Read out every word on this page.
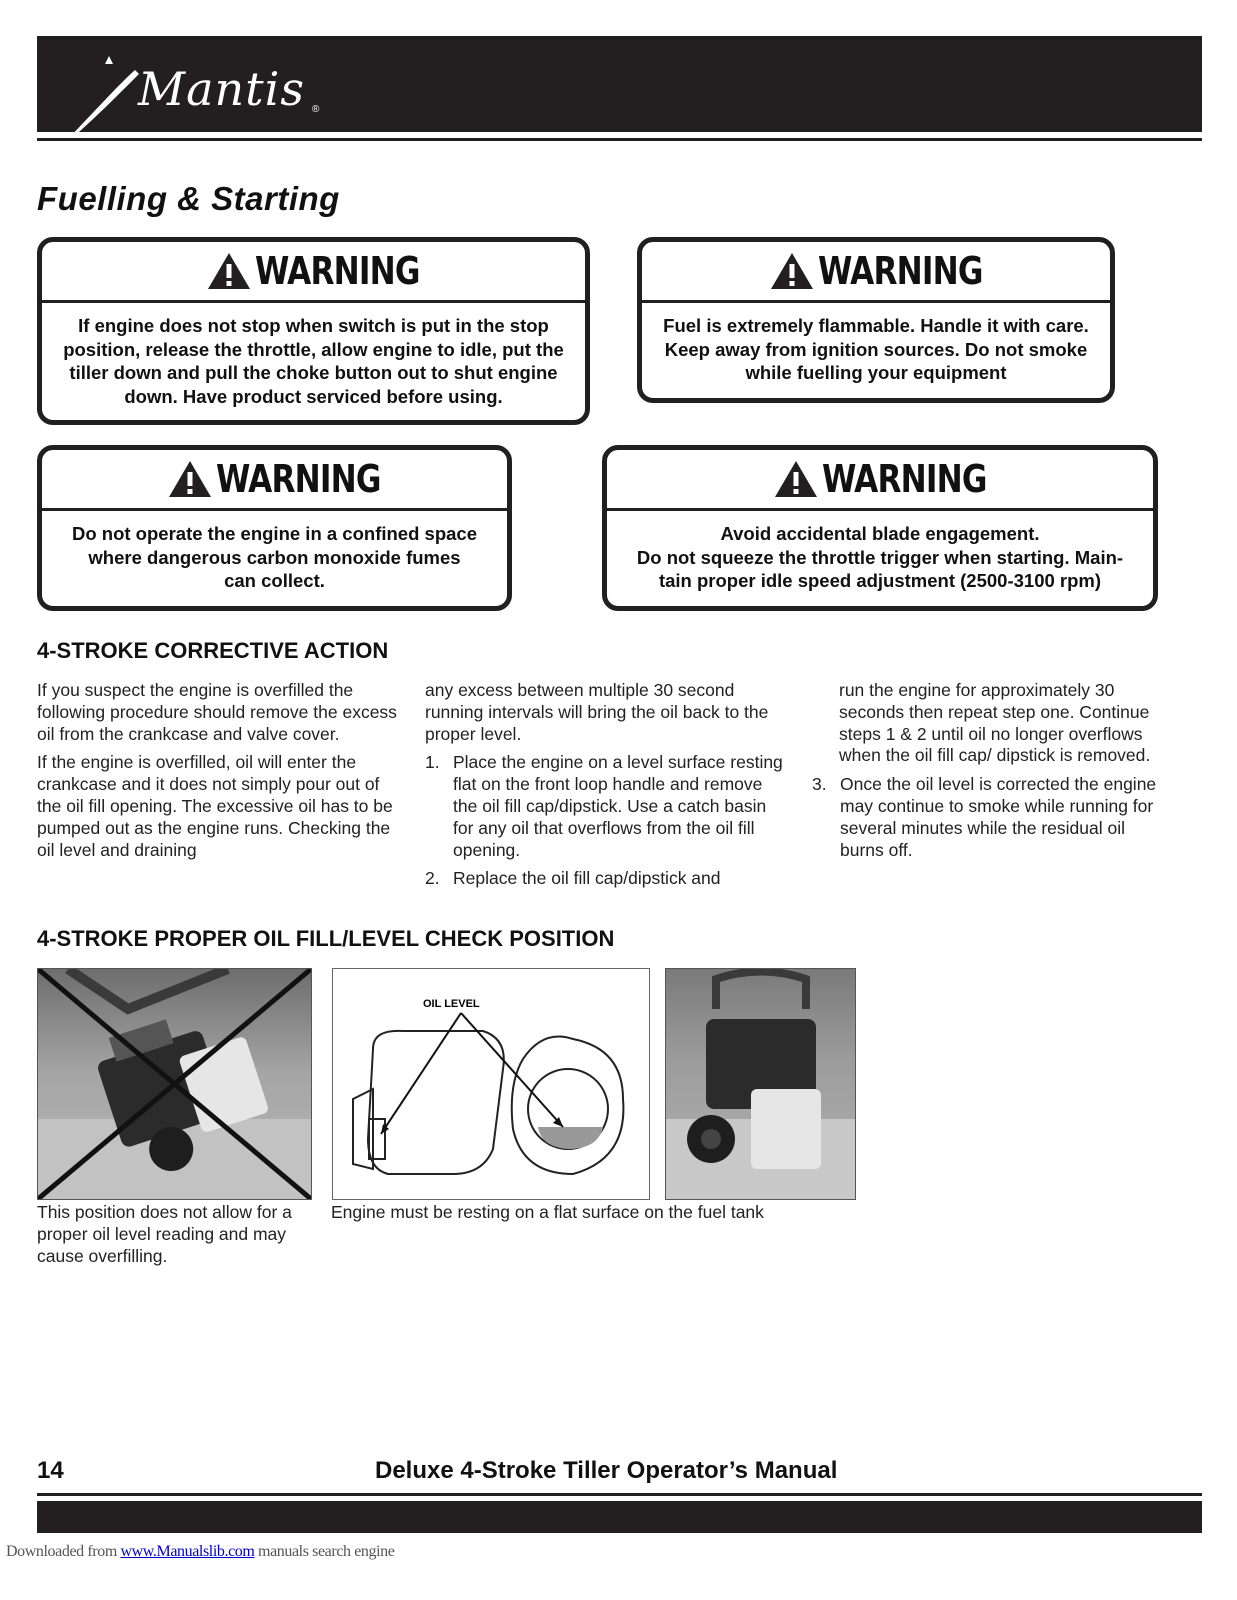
Mantis ®
Fuelling & Starting
WARNING
If engine does not stop when switch is put in the stop position, release the throttle, allow engine to idle, put the tiller down and pull the choke button out to shut engine down. Have product serviced before using.
WARNING
Fuel is extremely flammable. Handle it with care. Keep away from ignition sources. Do not smoke while fuelling your equipment
WARNING
Do not operate the engine in a confined space where dangerous carbon monoxide fumes can collect.
WARNING
Avoid accidental blade engagement.
Do not squeeze the throttle trigger when starting. Main-tain proper idle speed adjustment (2500-3100 rpm)
4-STROKE CORRECTIVE ACTION

If you suspect the engine is overfilled the following procedure should remove the excess oil from the crankcase and valve cover.

If the engine is overfilled, oil will enter the crankcase and it does not simply pour out of the oil fill opening. The excessive oil has to be pumped out as the engine runs. Checking the oil level and draining

any excess between multiple 30 second running intervals will bring the oil back to the proper level.

1. Place the engine on a level surface resting flat on the front loop handle and remove the oil fill cap/dipstick. Use a catch basin for any oil that overflows from the oil fill opening.
2. Replace the oil fill cap/dipstick and
run the engine for approximately 30 seconds then repeat step one. Continue steps 1 & 2 until oil no longer overflows when the oil fill cap/ dipstick is removed.
3. Once the oil level is corrected the engine may continue to smoke while running for several minutes while the residual oil burns off.
4-STROKE PROPER OIL FILL/LEVEL CHECK POSITION
OIL LEVEL
This position does not allow for a proper oil level reading and may cause overfilling.
Engine must be resting on a flat surface on the fuel tank
14	Deluxe 4-Stroke Tiller Operator’s Manual
Downloaded from www.Manualslib.com manuals search engine
